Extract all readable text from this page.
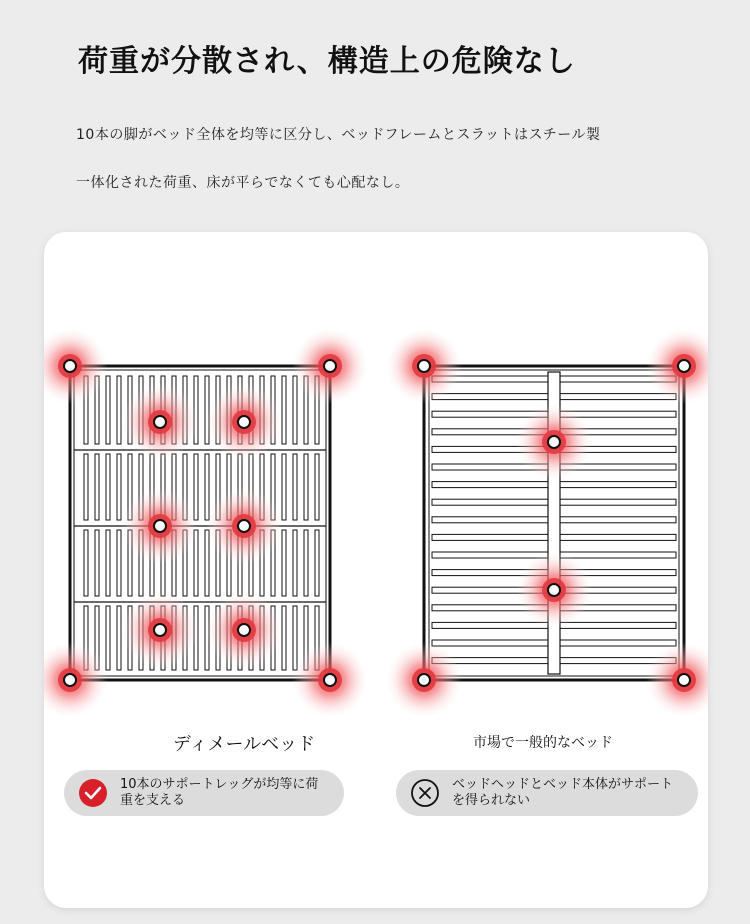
荷重が分散され、構造上の危険なし
10本の脚がベッド全体を均等に区分し、ベッドフレームとスラットはスチール製
一体化された荷重、床が平らでなくても心配なし。
ディメールベッド	市場で一般的なベッド
10本のサポートレッグが均等に荷重を支える
ベッドヘッドとベッド本体がサポートを得られない
